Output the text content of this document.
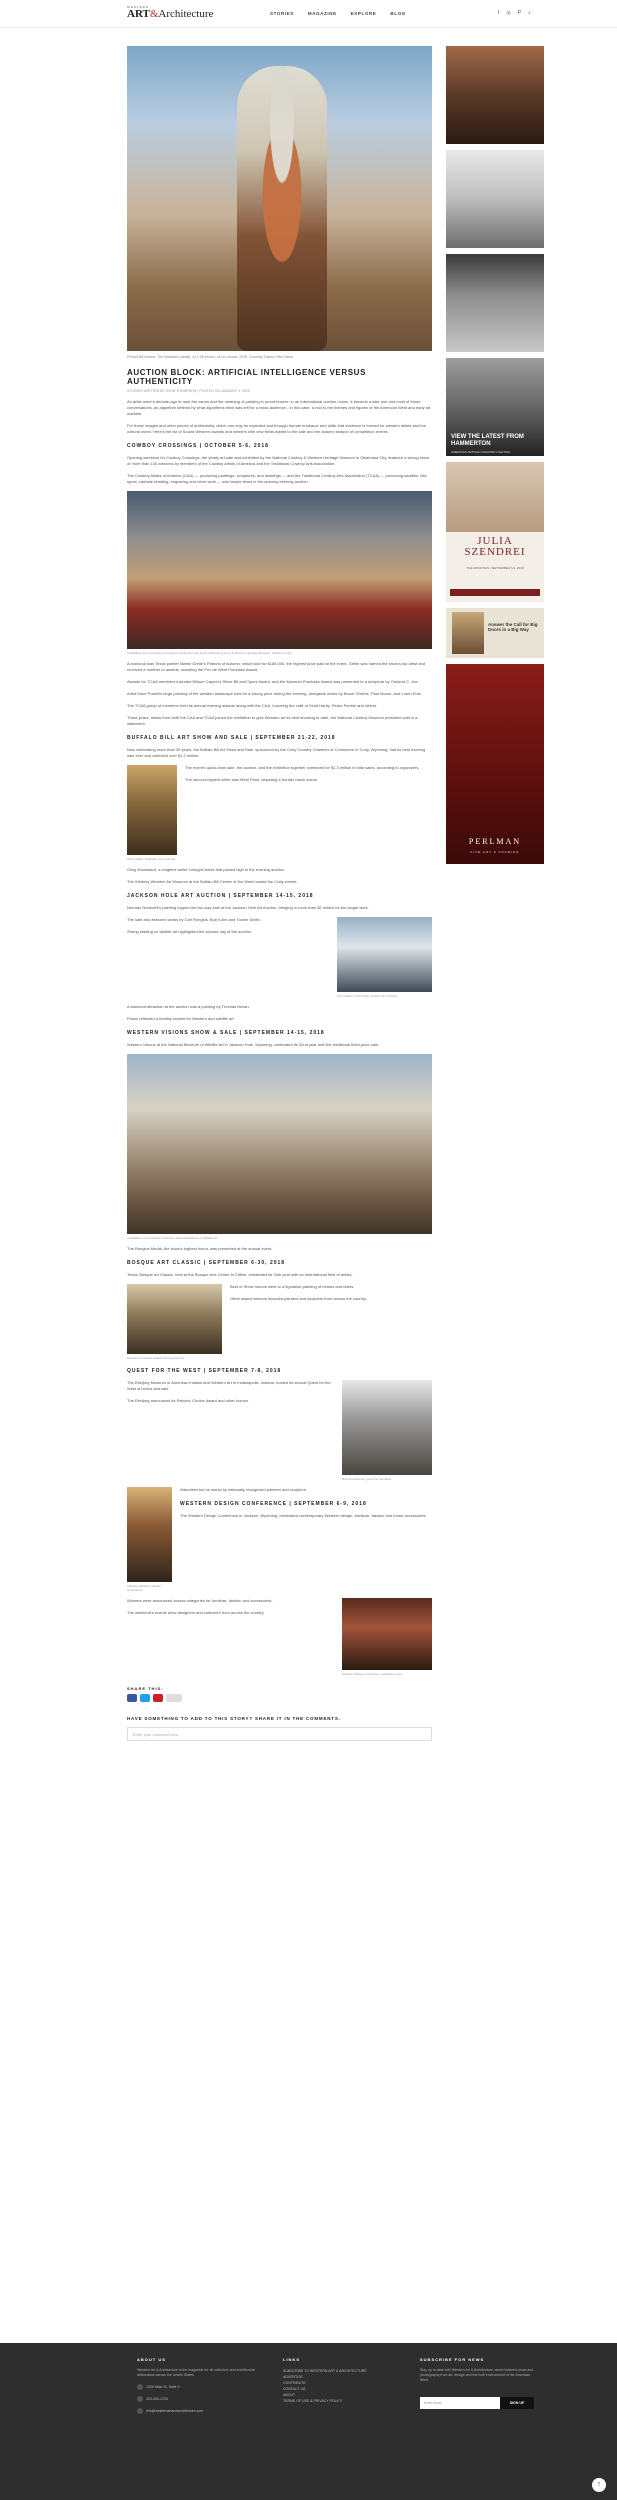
WESTERN
ART&Architecture	STORIES	MAGAZINE	EXPLORE	BLOG	f ◎ P ⌕
Pinball-Bill Nelson: The Matriarch (detail). 43 x 36 inches, oil on canvas, 2018. Courtesy Gallery Vital Vision.
AUCTION BLOCK: ARTIFICIAL INTELLIGENCE VERSUS AUTHENTICITY
STORIES WRITTEN BY JOHN THOMPSON | POSTED ON JANUARY 4, 2019

An artist used a decade-ago to rank the canon and the meaning of painting in proud bronze: in an international auction house, it became a sale one and most of those conversations, an algorithm defined by what algorithms think was left for a mass audience - in this case, a nod to the themes and figures of the American West and early art markets.

For those images and other pieces of authenticity, which can only be exploited and through human endeavor and skills that evidence is formed for western artists and the cultural worth. Here's the list of Sound Western awards and winners with new fields added to the sale and the autumn season of competition events.

COWBOY CROSSINGS | OCTOBER 5-6, 2018

Opening weekend for Cowboy Crossings, the yearly art sale and exhibition by the National Cowboy & Western Heritage Museum in Oklahoma City, featured a strong show of more than 140 artworks by members of the Cowboy Artists of America and the Traditional Cowboy Arts Association.

The Cowboy Artists of America (CAA) — producing paintings, sculptures, and drawings — and the Traditional Cowboy Arts Association (TCAA) — producing saddles, bits, spurs, rawhide braiding, engraving and silver work — sold ample items in the opening evening auction.

Installation view of Cowboy Crossings exhibit and sale at the National Cowboy & Western Heritage Museum, Oklahoma City.

A standout was Texas painter Martin Grelle's Patrons of Autumn, which sold for $185,000, the highest price paid at the event. Grelle was named the show's top artist and received a number of awards, including the Prix de West Purchase Award.

Awards for TCAA members included Wilson Capron's Silver Bit and Spurs Award, and the Museum Purchase Award was presented to a sculpture by Oreland C. Joe.

Artist Dave Powell's large painting of the western landscape sold for a strong price during the evening, alongside works by Bruce Greene, Paul Moore, and Loren Entz.

The TCAA group of members held its annual evening awards along with the CAA, honoring the craft of Scott Hardy, Pedro Pedrini and others.

Three years, artists from both the CAA and TCAA joined the exhibition to give Western art its best showing to date, the National Cowboy Museum president said in a statement.

BUFFALO BILL ART SHOW AND SALE | SEPTEMBER 21-22, 2018

Now celebrating more than 35 years, the Buffalo Bill Art Show and Sale, sponsored by the Cody Country Chamber of Commerce in Cody, Wyoming, had its best evening sale ever and collected over $1.2 million.

Kirby Sattler: Nightfall, oil on canvas.

The event's quick-draw sale, the auction, and the exhibition together combined for $1.3 million in total sales, according to organizers.

The second-highest seller was Mehl Paint, depicting a frontier ranch scene.

Greg Woodward, a longtime seller, brought works that placed high in the evening auction.

The Whitney Western Art Museum at the Buffalo Bill Center of the West hosted the Cody events.

JACKSON HOLE ART AUCTION | SEPTEMBER 14-15, 2018

Norman Rockwell's painting topped the two-day sale at the Jackson Hole Art Auction, bringing in more than $2 million for the single work.

The sale also featured works by Carl Rungius, Bob Kuhn and Tucker Smith.

Strong bidding on wildlife art highlighted the second day of the auction.

Ken Carlson: Wolf Study (detail), oil on board.

A standout attraction at the auction was a painting by Thomas Moran.

Prices reflected a healthy market for Western and wildlife art.

WESTERN VISIONS SHOW & SALE | SEPTEMBER 14-15, 2018

Western Visions at the National Museum of Wildlife Art in Jackson Hole, Wyoming, celebrated its 32nd year with the traditional fixed-price sale.

Installation view of Western Visions, National Museum of Wildlife Art.

The Rungius Medal, the show's highest honor, was presented at the annual event.

BOSQUE ART CLASSIC | SEPTEMBER 6-30, 2018

Texas' Bosque Art Classic, held at the Bosque Arts Center in Clifton, celebrated its 34th year with an international field of artists.

Bosque Art Classic award-winning painting.

Best of Show honors went to a figurative painting of horses and riders.

Other award winners included painters and sculptors from across the country.

QUEST FOR THE WEST | SEPTEMBER 7-8, 2018

The Eiteljorg Museum of American Indians and Western Art in Indianapolis, Indiana, hosted its annual Quest for the West art show and sale.

The Eiteljorg announced its Patrons' Choice Award and other honors.

Bronze sculpture, Quest for the West.
Painting, Western Design Conference.

Attendees bid on works by nationally recognized painters and sculptors.

WESTERN DESIGN CONFERENCE | SEPTEMBER 6-9, 2018

The Western Design Conference in Jackson, Wyoming, celebrated contemporary Western design, furniture, fashion and home accessories.

Winners were announced across categories for furniture, fashion and accessories.

The weekend's events drew designers and collectors from across the country.

Western Design Conference, installation view.
SHARE THIS:
HAVE SOMETHING TO ADD TO THIS STORY? SHARE IT IN THE COMMENTS.
Enter your comment here...
VIEW THE LATEST FROM HAMMERTON
AMERICAN ARTISAN CRAFTED LIGHTING
JULIA
SZENDREI
THE MOUNTAIN | SEPTEMBER 6-9, 2018
Answer the Call for Big Doors in a Big Way
PERLMAN
FINE ART & FRAMING
ABOUT US
Western Art & Architecture is the magazine for all collectors and architecture aficionados across the United States.
1020 Main St. Suite 3
303-443-1234
info@westernartandarchitecture.com
LINKS
SUBSCRIBE TO WESTERN ART & ARCHITECTURE
ADVERTISE
CONTRIBUTE
CONTACT US
ABOUT
TERMS OF USE & PRIVACY POLICY
SUBSCRIBE FOR NEWS
Stay up to date with Western Art & Architecture, which features news and photography from art, design and the built environment of the American West.
Enter email	SIGN UP
↑
